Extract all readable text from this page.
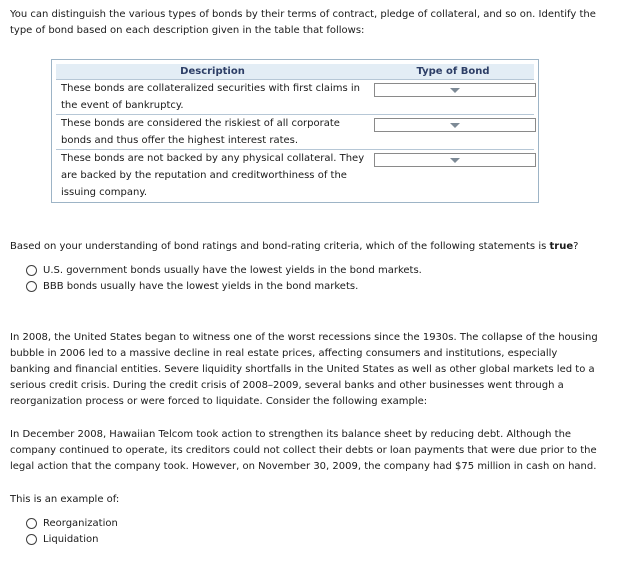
You can distinguish the various types of bonds by their terms of contract, pledge of collateral, and so on. Identify the type of bond based on each description given in the table that follows:

Description	Type of Bond
These bonds are collateralized securities with first claims in the event of bankruptcy.
These bonds are considered the riskiest of all corporate bonds and thus offer the highest interest rates.
These bonds are not backed by any physical collateral. They are backed by the reputation and creditworthiness of the issuing company.

Based on your understanding of bond ratings and bond-rating criteria, which of the following statements is true?

U.S. government bonds usually have the lowest yields in the bond markets.
BBB bonds usually have the lowest yields in the bond markets.

In 2008, the United States began to witness one of the worst recessions since the 1930s. The collapse of the housing bubble in 2006 led to a massive decline in real estate prices, affecting consumers and institutions, especially banking and financial entities. Severe liquidity shortfalls in the United States as well as other global markets led to a serious credit crisis. During the credit crisis of 2008–2009, several banks and other businesses went through a reorganization process or were forced to liquidate. Consider the following example:

In December 2008, Hawaiian Telcom took action to strengthen its balance sheet by reducing debt. Although the company continued to operate, its creditors could not collect their debts or loan payments that were due prior to the legal action that the company took. However, on November 30, 2009, the company had $75 million in cash on hand.

This is an example of:

Reorganization
Liquidation
